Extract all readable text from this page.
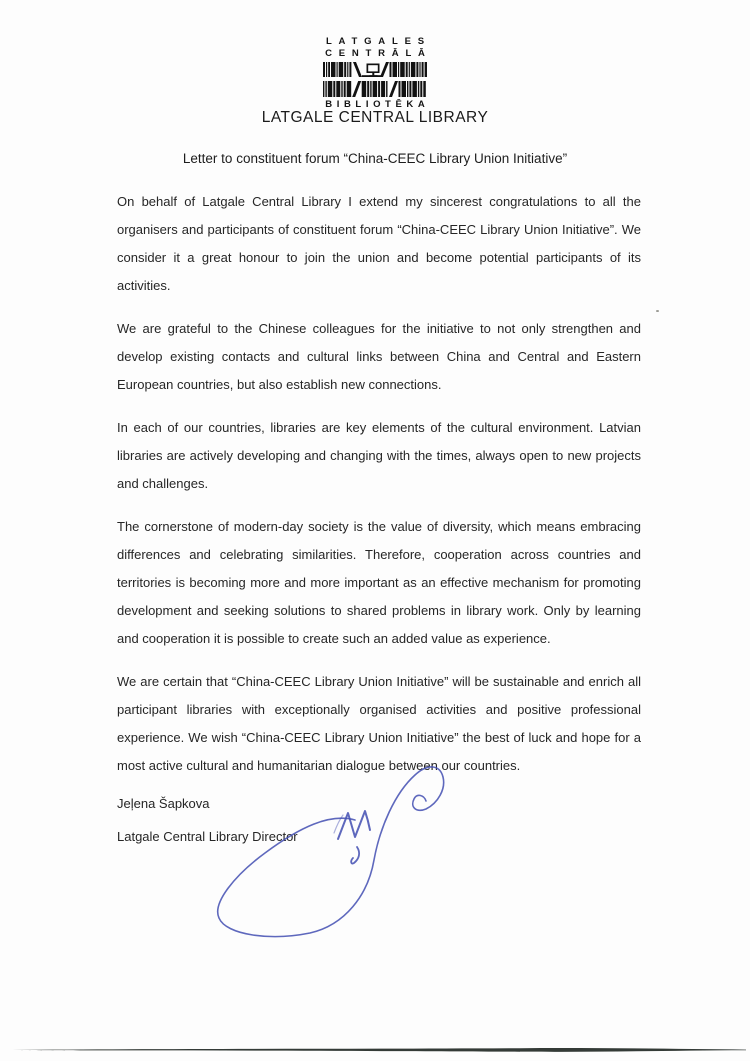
LATGALES
CENTRĀLĀ
BIBLIOTĒKA
LATGALE CENTRAL LIBRARY
Letter to constituent forum “China-CEEC Library Union Initiative”

On behalf of Latgale Central Library I extend my sincerest congratulations to all the organisers and participants of constituent forum “China-CEEC Library Union Initiative”. We consider it a great honour to join the union and become potential participants of its activities.

We are grateful to the Chinese colleagues for the initiative to not only strengthen and develop existing contacts and cultural links between China and Central and Eastern European countries, but also establish new connections.

In each of our countries, libraries are key elements of the cultural environment. Latvian libraries are actively developing and changing with the times, always open to new projects and challenges.

The cornerstone of modern-day society is the value of diversity, which means embracing differences and celebrating similarities. Therefore, cooperation across countries and territories is becoming more and more important as an effective mechanism for promoting development and seeking solutions to shared problems in library work. Only by learning and cooperation it is possible to create such an added value as experience.

We are certain that “China-CEEC Library Union Initiative” will be sustainable and enrich all participant libraries with exceptionally organised activities and positive professional experience. We wish “China-CEEC Library Union Initiative” the best of luck and hope for a most active cultural and humanitarian dialogue between our countries.

Jeļena Šapkova
Latgale Central Library Director
